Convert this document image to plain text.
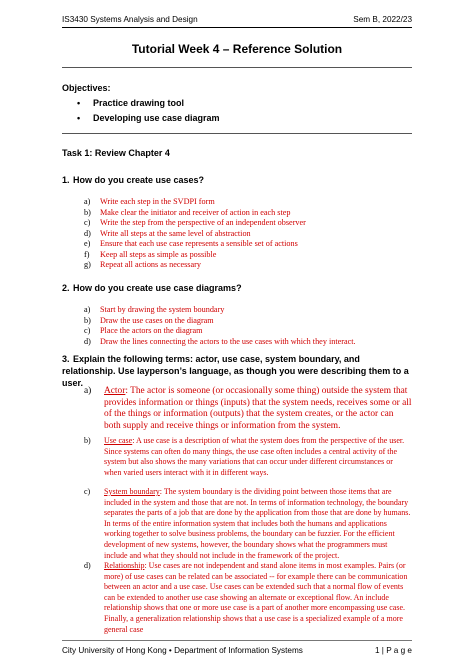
IS3430 Systems Analysis and Design	Sem B, 2022/23
Tutorial Week 4 – Reference Solution
Objectives:
• Practice drawing tool
• Developing use case diagram
Task 1: Review Chapter 4
1. How do you create use cases?
a) Write each step in the SVDPI form
b) Make clear the initiator and receiver of action in each step
c) Write the step from the perspective of an independent observer
d) Write all steps at the same level of abstraction
e) Ensure that each use case represents a sensible set of actions
f) Keep all steps as simple as possible
g) Repeat all actions as necessary
2. How do you create use case diagrams?
a) Start by drawing the system boundary
b) Draw the use cases on the diagram
c) Place the actors on the diagram
d) Draw the lines connecting the actors to the use cases with which they interact.
3. Explain the following terms: actor, use case, system boundary, and relationship. Use layperson’s language, as though you were describing them to a user.
a) Actor: The actor is someone (or occasionally some thing) outside the system that provides information or things (inputs) that the system needs, receives some or all of the things or information (outputs) that the system creates, or the actor can both supply and receive things or information from the system.
b) Use case: A use case is a description of what the system does from the perspective of the user. Since systems can often do many things, the use case often includes a central activity of the system but also shows the many variations that can occur under different circumstances or when varied users interact with it in different ways.
c) System boundary: The system boundary is the dividing point between those items that are included in the system and those that are not. In terms of information technology, the boundary separates the parts of a job that are done by the application from those that are done by humans. In terms of the entire information system that includes both the humans and applications working together to solve business problems, the boundary can be fuzzier. For the efficient development of new systems, however, the boundary shows what the programmers must include and what they should not include in the framework of the project.
d) Relationship: Use cases are not independent and stand alone items in most examples. Pairs (or more) of use cases can be related can be associated -- for example there can be communication between an actor and a use case. Use cases can be extended such that a normal flow of events can be extended to another use case showing an alternate or exceptional flow. An include relationship shows that one or more use case is a part of another more encompassing use case. Finally, a generalization relationship shows that a use case is a specialized example of a more general case
City University of Hong Kong • Department of Information Systems	1 | P a g e
